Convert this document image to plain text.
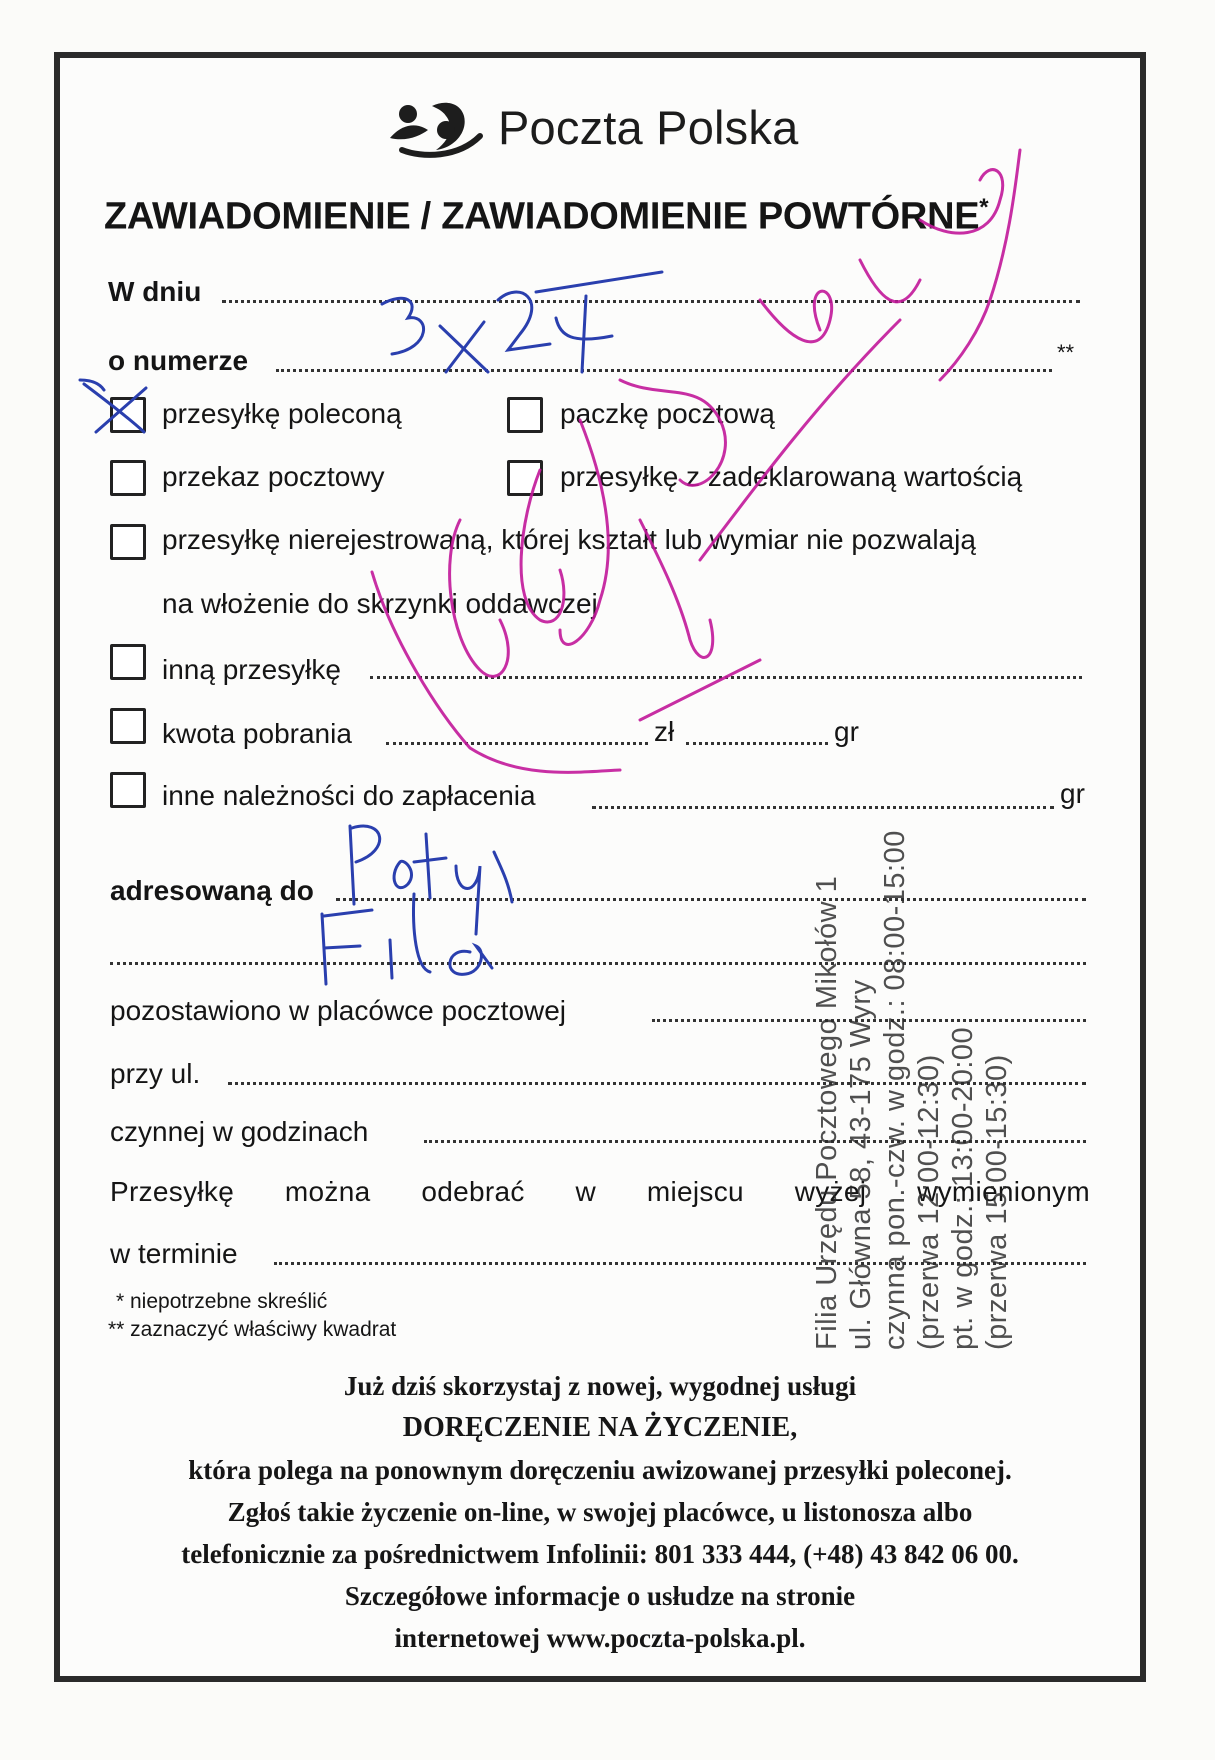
Poczta Polska
ZAWIADOMIENIE / ZAWIADOMIENIE POWTÓRNE*
W dniu
o numerze	**
przesyłkę poleconą	paczkę pocztową
przekaz pocztowy	przesyłkę z zadeklarowaną wartością
przesyłkę nierejestrowaną, której kształt lub wymiar nie pozwalają
na włożenie do skrzynki oddawczej
inną przesyłkę
kwota pobrania	zł	gr
inne należności do zapłacenia	gr
adresowaną do
pozostawiono w placówce pocztowej
przy ul.
czynnej w godzinach
Przesyłkę można odebrać w miejscu wyżej wymienionym
w terminie
* niepotrzebne skreślić
** zaznaczyć właściwy kwadrat
Już dziś skorzystaj z nowej, wygodnej usługi
DORĘCZENIE NA ŻYCZENIE,
która polega na ponownym doręczeniu awizowanej przesyłki poleconej.
Zgłoś takie życzenie on-line, w swojej placówce, u listonosza albo
telefonicznie za pośrednictwem Infolinii: 801 333 444, (+48) 43 842 06 00.
Szczegółowe informacje o usłudze na stronie
internetowej www.poczta-polska.pl.
Filia Urzędu Pocztowego Mikołów 1 ul. Główna 58, 43-175 Wyry czynna pon.-czw. w godz.: 08:00-15:00 (przerwa 12:00-12:30) pt. w godz.: 13:00-20:00 (przerwa 15:00-15:30)
